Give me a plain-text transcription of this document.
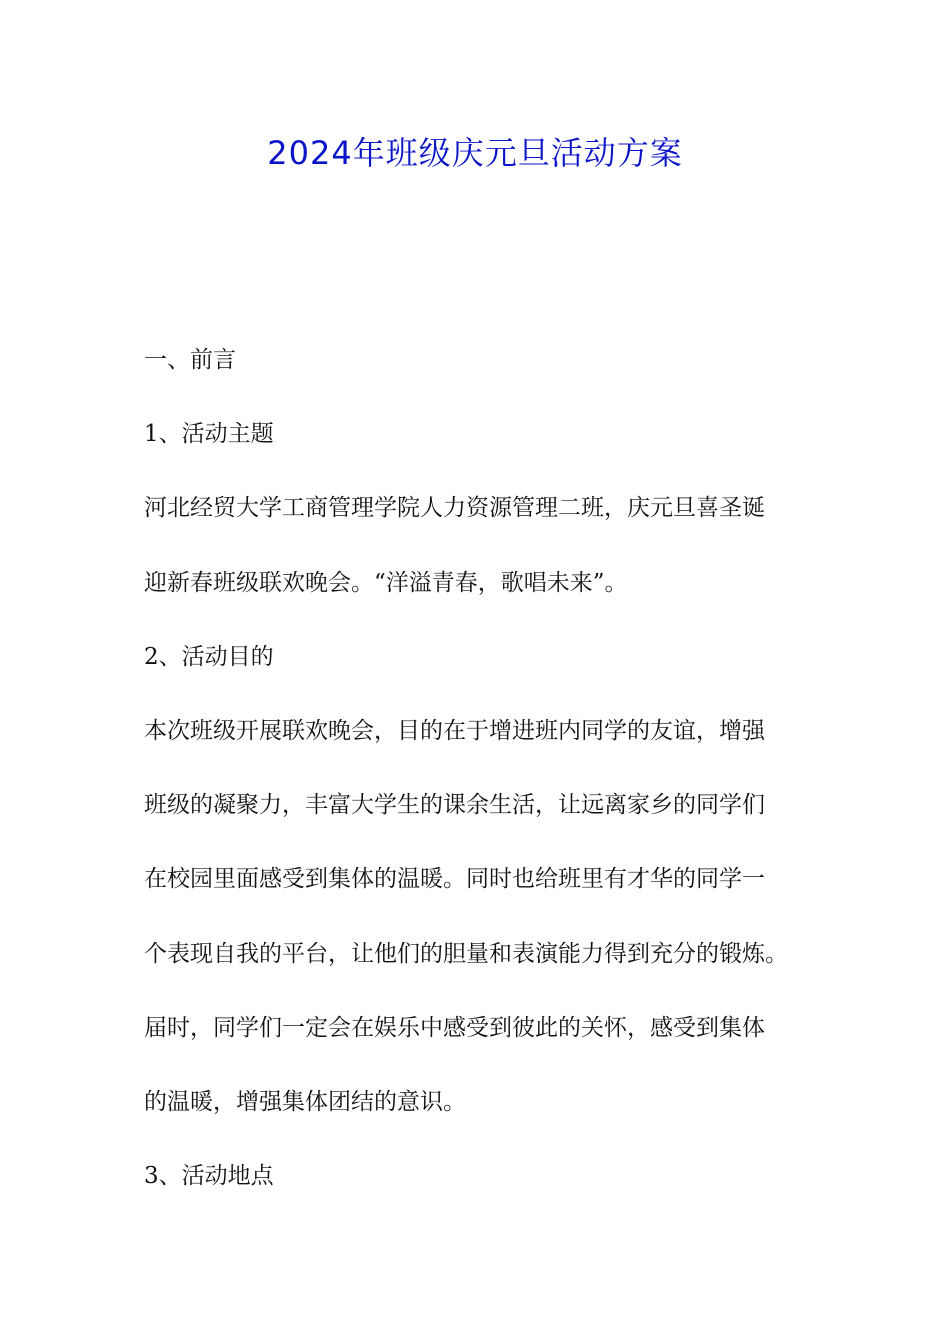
2024年班级庆元旦活动方案

一、前言

1、活动主题

河北经贸大学工商管理学院人力资源管理二班，庆元旦喜圣诞

迎新春班级联欢晚会。“洋溢青春，歌唱未来”。

2、活动目的

本次班级开展联欢晚会，目的在于增进班内同学的友谊，增强

班级的凝聚力，丰富大学生的课余生活，让远离家乡的同学们

在校园里面感受到集体的温暖。同时也给班里有才华的同学一

个表现自我的平台，让他们的胆量和表演能力得到充分的锻炼。

届时，同学们一定会在娱乐中感受到彼此的关怀，感受到集体

的温暖，增强集体团结的意识。

3、活动地点
